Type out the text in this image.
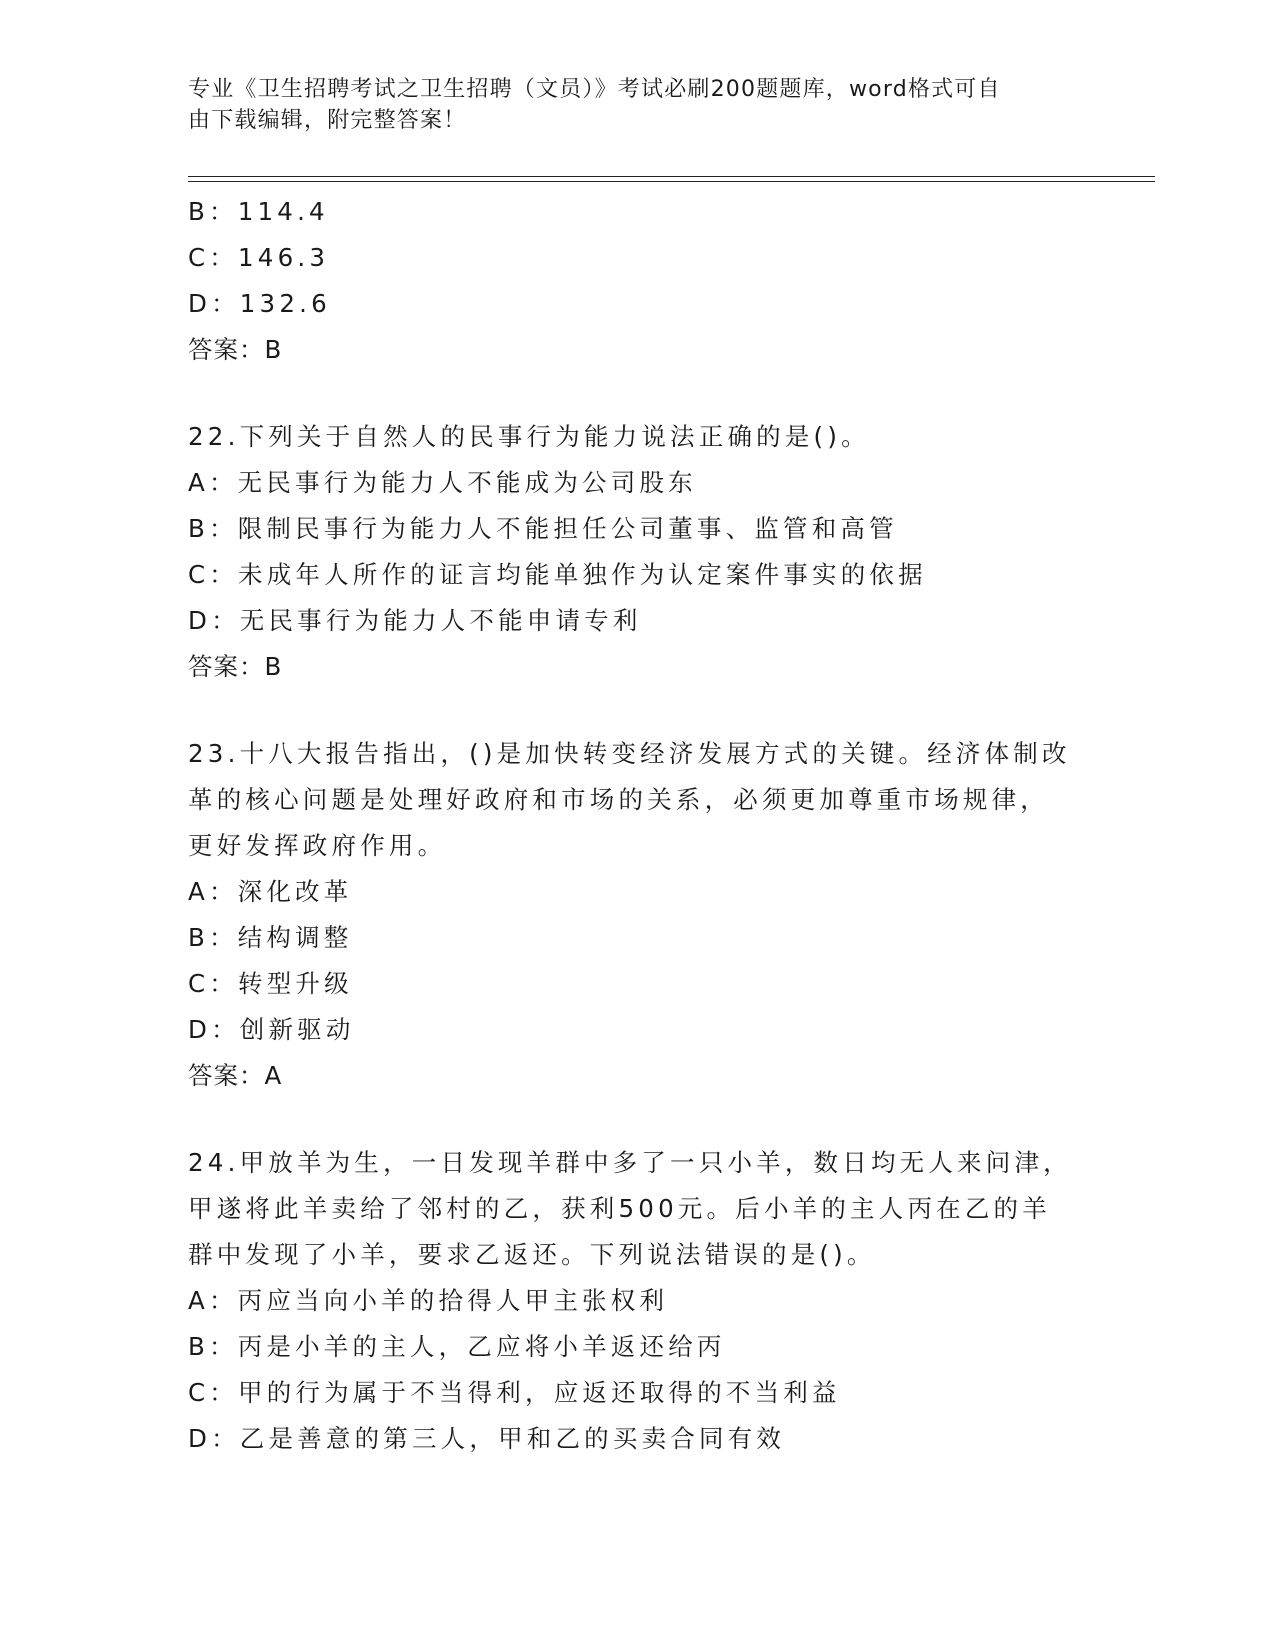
专业《卫生招聘考试之卫生招聘（文员）》考试必刷200题题库，word格式可自
由下载编辑，附完整答案！
B：114.4
C：146.3
D：132.6
答案：B
22.下列关于自然人的民事行为能力说法正确的是()。
A：无民事行为能力人不能成为公司股东
B：限制民事行为能力人不能担任公司董事、监管和高管
C：未成年人所作的证言均能单独作为认定案件事实的依据
D：无民事行为能力人不能申请专利
答案：B
23.十八大报告指出，()是加快转变经济发展方式的关键。经济体制改
革的核心问题是处理好政府和市场的关系，必须更加尊重市场规律，
更好发挥政府作用。
A：深化改革
B：结构调整
C：转型升级
D：创新驱动
答案：A
24.甲放羊为生，一日发现羊群中多了一只小羊，数日均无人来问津，
甲遂将此羊卖给了邻村的乙，获利500元。后小羊的主人丙在乙的羊
群中发现了小羊，要求乙返还。下列说法错误的是()。
A：丙应当向小羊的拾得人甲主张权利
B：丙是小羊的主人，乙应将小羊返还给丙
C：甲的行为属于不当得利，应返还取得的不当利益
D：乙是善意的第三人，甲和乙的买卖合同有效
